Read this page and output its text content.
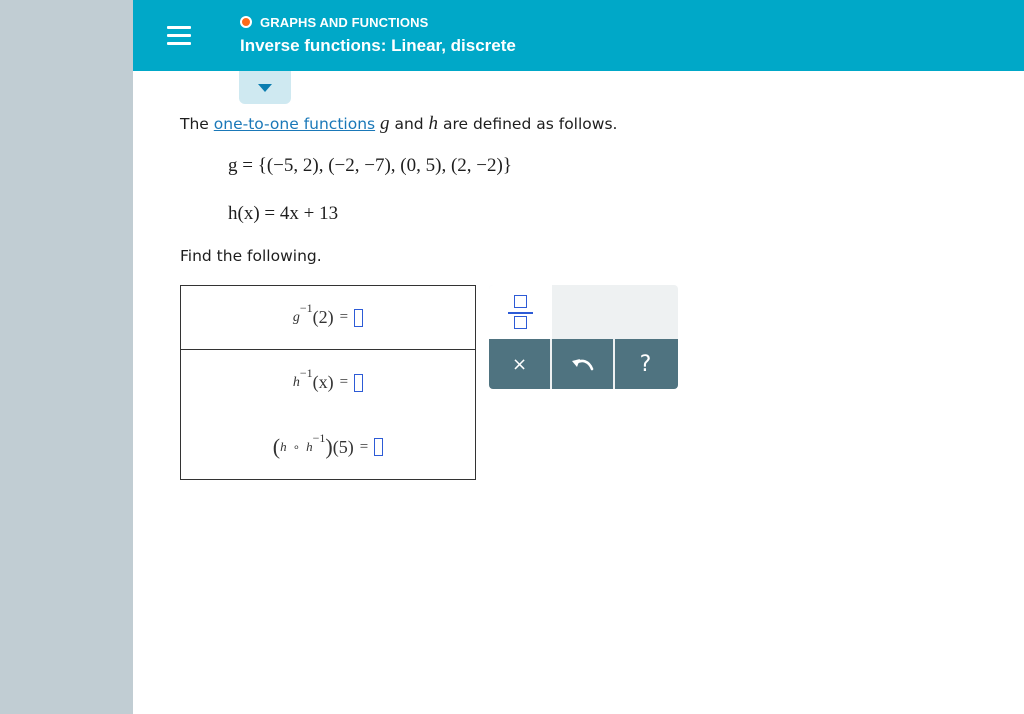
GRAPHS AND FUNCTIONS
Inverse functions: Linear, discrete
The one-to-one functions g and h are defined as follows.
g = {(−5, 2), (−2, −7), (0, 5), (2, −2)}
h(x) = 4x + 13
Find the following.
g
−1 (2) =
h
−1 (x) =
( h ∘ h
−1 ) (5) =
×	?
